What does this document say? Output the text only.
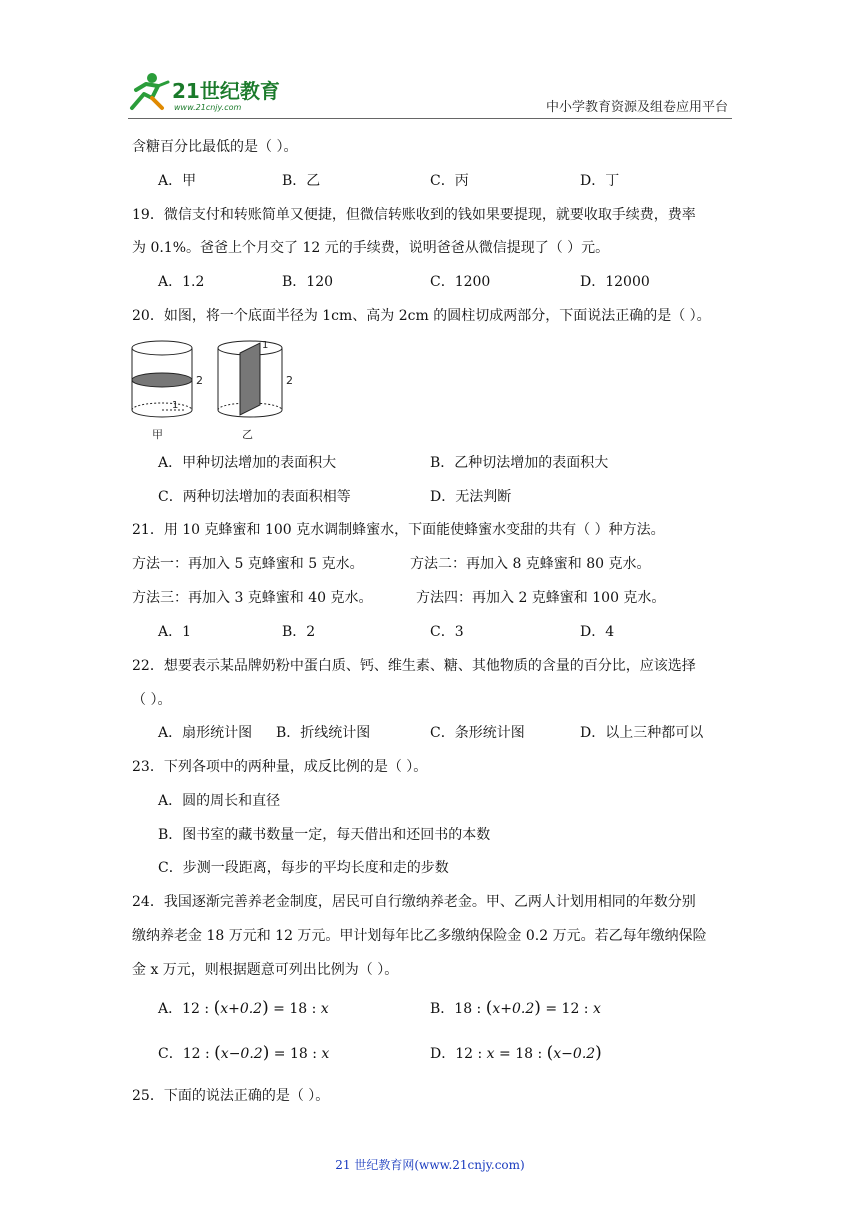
21世纪教育
www.21cnjy.com	中小学教育资源及组卷应用平台
含糖百分比最低的是（ ）。
A．甲	B．乙	C．丙	D．丁
19．微信支付和转账简单又便捷，但微信转账收到的钱如果要提现，就要收取手续费，费率
为 0.1%。爸爸上个月交了 12 元的手续费，说明爸爸从微信提现了（ ）元。
A．1.2	B．120	C．1200	D．12000
20．如图，将一个底面半径为 1cm、高为 2cm 的圆柱切成两部分，下面说法正确的是（ ）。
2
1
甲
1
2
乙
A．甲种切法增加的表面积大	B．乙种切法增加的表面积大
C．两种切法增加的表面积相等	D．无法判断
21．用 10 克蜂蜜和 100 克水调制蜂蜜水，下面能使蜂蜜水变甜的共有（ ）种方法。
方法一：再加入 5 克蜂蜜和 5 克水。	方法二：再加入 8 克蜂蜜和 80 克水。
方法三：再加入 3 克蜂蜜和 40 克水。	方法四：再加入 2 克蜂蜜和 100 克水。
A．1	B．2	C．3	D．4
22．想要表示某品牌奶粉中蛋白质、钙、维生素、糖、其他物质的含量的百分比，应该选择
（ ）。
A．扇形统计图 B．折线统计图	C．条形统计图	D．以上三种都可以
23．下列各项中的两种量，成反比例的是（ ）。
A．圆的周长和直径
B．图书室的藏书数量一定，每天借出和还回书的本数
C．步测一段距离，每步的平均长度和走的步数
24．我国逐渐完善养老金制度，居民可自行缴纳养老金。甲、乙两人计划用相同的年数分别
缴纳养老金 18 万元和 12 万元。甲计划每年比乙多缴纳保险金 0.2 万元。若乙每年缴纳保险
金 x 万元，则根据题意可列出比例为（ ）。
A．12 : (x+0.2) = 18 : x	B．18 : (x+0.2) = 12 : x
C．12 : (x−0.2) = 18 : x	D．12 : x = 18 : (x−0.2)
25．下面的说法正确的是（ ）。
21 世纪教育网(www.21cnjy.com)
